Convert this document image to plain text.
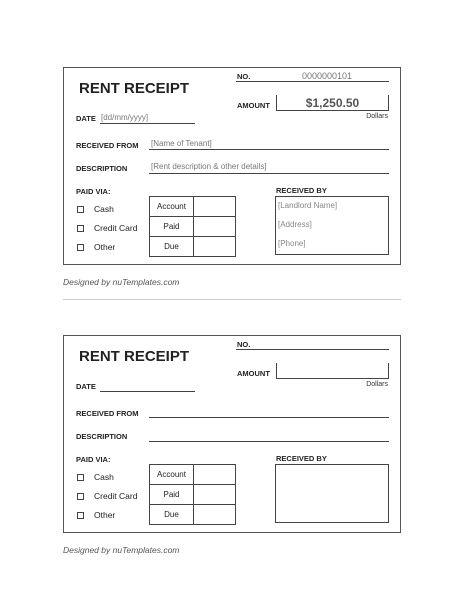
RENT RECEIPT
NO.	0000000101
AMOUNT	$1,250.50
Dollars
DATE [dd/mm/yyyy]
RECEIVED FROM [Name of Tenant]
DESCRIPTION	[Rent description & other details]
PAID VIA:
Cash
Credit Card
Other
Account	
Paid	
Due	
RECEIVED BY
[Landlord Name]
[Address]
[Phone]
Designed by nuTemplates.com
RENT RECEIPT
NO.
AMOUNT
Dollars
DATE
RECEIVED FROM
DESCRIPTION
PAID VIA:
Cash
Credit Card
Other
Account	
Paid	
Due	
RECEIVED BY
Designed by nuTemplates.com
